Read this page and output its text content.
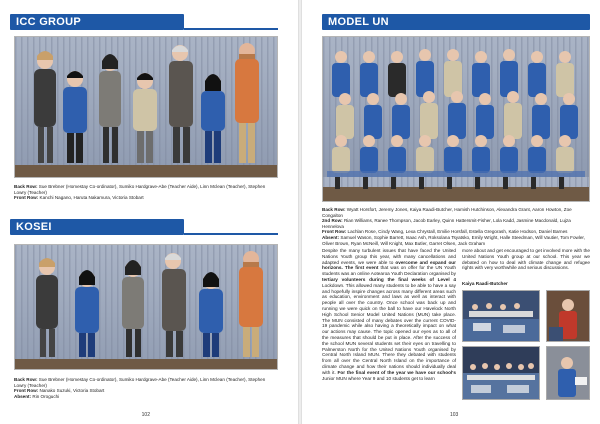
ICC GROUP
Back Row: Sue Brebner (Homestay Co-ordinator), Sumiko Hardgrave-Abe (Teacher Aide), Linn Mclean (Teacher), Stephen Lowry (Teacher)
Front Row: Kanchi Nagano, Haruta Nakamura, Victoria Stobart
KOSEI
Back Row: Sue Brebner (Homestay Co-ordinator), Sumiko Hardgrave-Abe (Teacher Aide), Linn Mclean (Teacher), Stephen Lowry (Teacher)
Front Row: Nanako Suzuki, Victoria Stobart
Absent: Rin Oroguchi
102
MODEL UN
Back Row: Wyatt Horsfort, Jeremy Jones, Kaiya Raadi-Butcher, Hamish Hutchinson, Alexandra Grant, Aaron Howton, Zoe Congalton
2nd Row: Rian Williams, Ranee Thompson, Jacob Earley, Quinn Hattersmit-Fisher, Lola Kadd, Jasmine Macdonald, Lujza Hennelova
Front Row: Lachlan Rose, Cindy Wang, Lexa Chrystall, Emilie Horsfall, Estella Gregorash, Katie Hodson, Daniel Barnes
Absent: Samuel Wason, Sophie Barrett, Isaac Ash, Roksolana Tsyatsko, Emily Wright, Halle Steedman, Will Vautier, Tom Fowler, Oliver Brown, Ryan McNeill, Will Knight, Max Butler, Garret Olsen, Jack Graham
Despite the many turbulent issues that have faced the United Nations Youth group this year, with many cancellations and adapted events, we were able to overcome and expand our horizons. The first event that was on offer for the UN Youth students was an online Aotearoa Youth Declaration organised by tertiary volunteers during the final weeks of Level 4 Lockdown. This allowed many students to be able to have a say and hopefully inspire changes across many different areas such as education, environment and laws as well as interact with people all over the country. Once school was back up and running we were quick on the ball to have our Havelock North High School Senior Model United Nations (MUN) take place. The MUN consisted of many debates over the current COVID-19 pandemic while also having a theoretically impact on what our actions may cause. The topic opened our eyes as to all of the measures that should be put in place. After the success of the school MUN several students set their eyes on travelling to Palmerston North for the United Nations Youth organised by Central North Island MUN. There they debated with students from all over the Central North Island on the importance of climate change and how their nations should individually deal with it. For the final event of the year we have our school's Junior MUN where Year 9 and 10 students get to learn
more about and get encouraged to get involved more with the United Nations Youth group at our school. This year we debated on how to deal with climate change and refugee rights with very worthwhile and serious discussions.
Kaiya Raadi-Butcher
103
